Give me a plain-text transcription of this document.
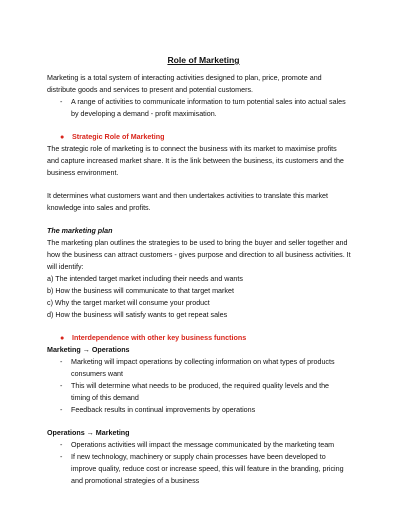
Role of Marketing

Marketing is a total system of interacting activities designed to plan, price, promote and

distribute goods and services to present and potential customers.

- A range of activities to communicate information to turn potential sales into actual sales
by developing a demand - profit maximisation.
● Strategic Role of Marketing

The strategic role of marketing is to connect the business with its market to maximise profits

and capture increased market share. It is the link between the business, its customers and the

business environment.

It determines what customers want and then undertakes activities to translate this market

knowledge into sales and profits.

The marketing plan

The marketing plan outlines the strategies to be used to bring the buyer and seller together and

how the business can attract customers - gives purpose and direction to all business activities. It

will identify:

a) The intended target market including their needs and wants

b) How the business will communicate to that target market

c) Why the target market will consume your product

d) How the business will satisfy wants to get repeat sales

● Interdependence with other key business functions
Marketing → Operations
- Marketing will impact operations by collecting information on what types of products
consumers want
- This will determine what needs to be produced, the required quality levels and the
timing of this demand
- Feedback results in continual improvements by operations
Operations → Marketing
- Operations activities will impact the message communicated by the marketing team
- If new technology, machinery or supply chain processes have been developed to
improve quality, reduce cost or increase speed, this will feature in the branding, pricing
and promotional strategies of a business
